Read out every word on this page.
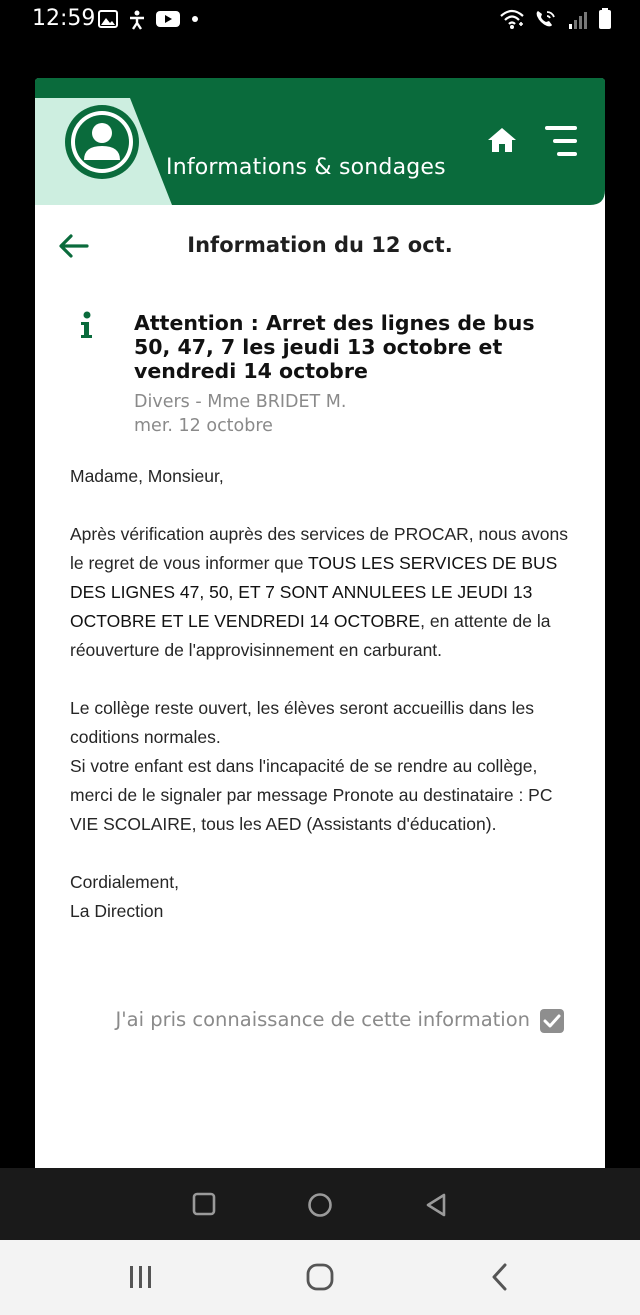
12:59

Informations & sondages
Information du 12 oct.
Attention : Arret des lignes de bus 50, 47, 7 les jeudi 13 octobre et vendredi 14 octobre
Divers - Mme BRIDET M.
mer. 12 octobre

Madame, Monsieur,

Après vérification auprès des services de PROCAR, nous avons le regret de vous informer que TOUS LES SERVICES DE BUS DES LIGNES 47, 50, ET 7 SONT ANNULEES LE JEUDI 13 OCTOBRE ET LE VENDREDI 14 OCTOBRE, en attente de la réouverture de l'approvisinnement en carburant.

Le collège reste ouvert, les élèves seront accueillis dans les coditions normales.

Si votre enfant est dans l'incapacité de se rendre au collège, merci de le signaler par message Pronote au destinataire : PC VIE SCOLAIRE, tous les AED (Assistants d'éducation).

Cordialement,

La Direction

J'ai pris connaissance de cette information
